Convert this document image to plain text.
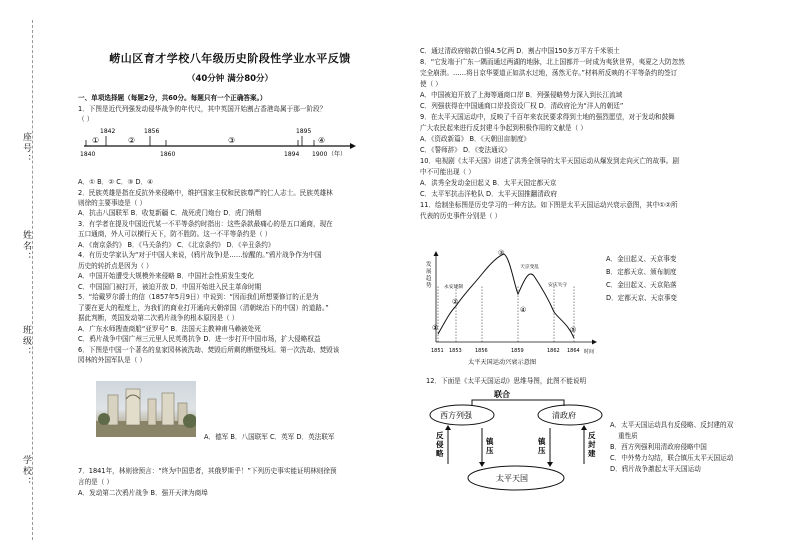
学校：
班级：
姓名：
座号：
崂山区育才学校八年级历史阶段性学业水平反馈
（40分钟 满分80分）
一、单项选择题（每题2分，共60分。每题只有一个正确答案。）
1．下图是近代列强发动侵华战争的年代尺，其中英国开始割占香港岛属于那一阶段？
（ ）
1842	1856	1895
1840	1860	1894 1900
①	②	③	④
（年）
A．① B．② C．③ D．④
2．民族英雄是指在反抗外来侵略中，维护国家主权和民族尊严的仁人志士。民族英雄林
则徐的主要事迹是（ ）
A．抗击八国联军 B．收复新疆 C．战死虎门炮台 D．虎门销烟
3．有学者在提及中国近代某一不平等条约时指出：这些条款最痛心的是五口通商，现在
五口通商，外人可以横行天下，防不胜防。这一不平等条约是（ ）
A．《南京条约》 B．《马关条约》 C．《北京条约》 D．《辛丑条约》
4．有历史学家认为“对于中国人来说，(鸦片战争)是……惊醒的。”鸦片战争作为中国
历史的转折点是因为（ ）
A．中国开始遭受大规模外来侵略 B．中国社会性质发生变化
C．中国国门被打开，被迫开放 D．中国开始进入民主革命时期
5．“给戴罗尔爵士的信（1857年5月9日）中说到：“因而我们所想要修订的正是为
了要在更大的程度上，为我们的商业打开通向天朝帝国（清朝统治下的中国）的道路。”
据此判断，英国发动第二次鸦片战争的根本原因是（ ）
A．广东水师搜查商船“亚罗号” B．法国天主教神甫马赖被处死
C．鸦片战争中国广州三元里人民英勇抗争 D．进一步打开中国市场，扩大侵略权益
6．下图是中国一个著名的皇家园林被洗劫、焚毁后所剩的断壁残垣。第一次洗劫、焚毁该
园林的外国军队是（ ）
A．德军 B．八国联军 C．英军 D．英法联军
7．1841年，林则徐预言：“终为中国患者，其俄罗斯乎！”下列历史事实能证明林则徐预
言的是（ ）
A．发动第二次鸦片战争 B．强开天津为商埠
C．通过清政府赔款白银4.5亿两 D．割占中国150多万平方千米领土
8．“它发端于广东一隅而通过两湖的地脉，北上国都并一时成为夷狄世界，夷夏之大防忽然
完全崩溃。……将日京华要道正如洪水过地，荡然无存。”材料所反映的不平等条约的签订
使（ ）
A．中国被迫开放了上海等通商口岸 B．列强侵略势力深入到长江流域
C．列强获得在中国通商口岸投资设厂权 D．清政府沦为“洋人的朝廷”
9．在太平天国运动中，反映了千百年来农民要求得到土地的强烈愿望，对于发动和鼓舞
广大农民起来进行反封建斗争起到积极作用的文献是（ ）
A．《资政新篇》 B．《天朝田亩制度》
C．《誓师辞》 D．《变法通议》
10．电视剧《太平天国》讲述了洪秀全领导的太平天国运动从爆发到走向灭亡的故事。剧
中不可能出现（ ）
A．洪秀全发动金田起义 B．太平天国定都天京
C．太平军抗击洋枪队 D．太平天国推翻清政府
11．绘制坐标图是历史学习的一种方法。如下图是太平天国运动兴衰示意图，其中①②所
代表的历史事件分别是（ ）
A．金田起义、天京事变
B．定都天京、颁布制度
C．金田起义、天京陷落
D．定都天京、天京事变
12．下面是《太平天国运动》思维导图，此图不能说明
A．太平天国运动具有反侵略、反封建的双
重性质
B．西方列强利用清政府侵略中国
C．中外势力勾结，联合镇压太平天国运动
D．鸦片战争激起太平天国运动
发展趋势
1851 1853	1856	1859	1862 1864
①
②
③
④
⑤
永安建制
天京变乱
安庆失守
时间
太平天国运动兴衰示意图
联合
西方列强	清政府
太平天国
反侵略
镇压
镇压
反封建
